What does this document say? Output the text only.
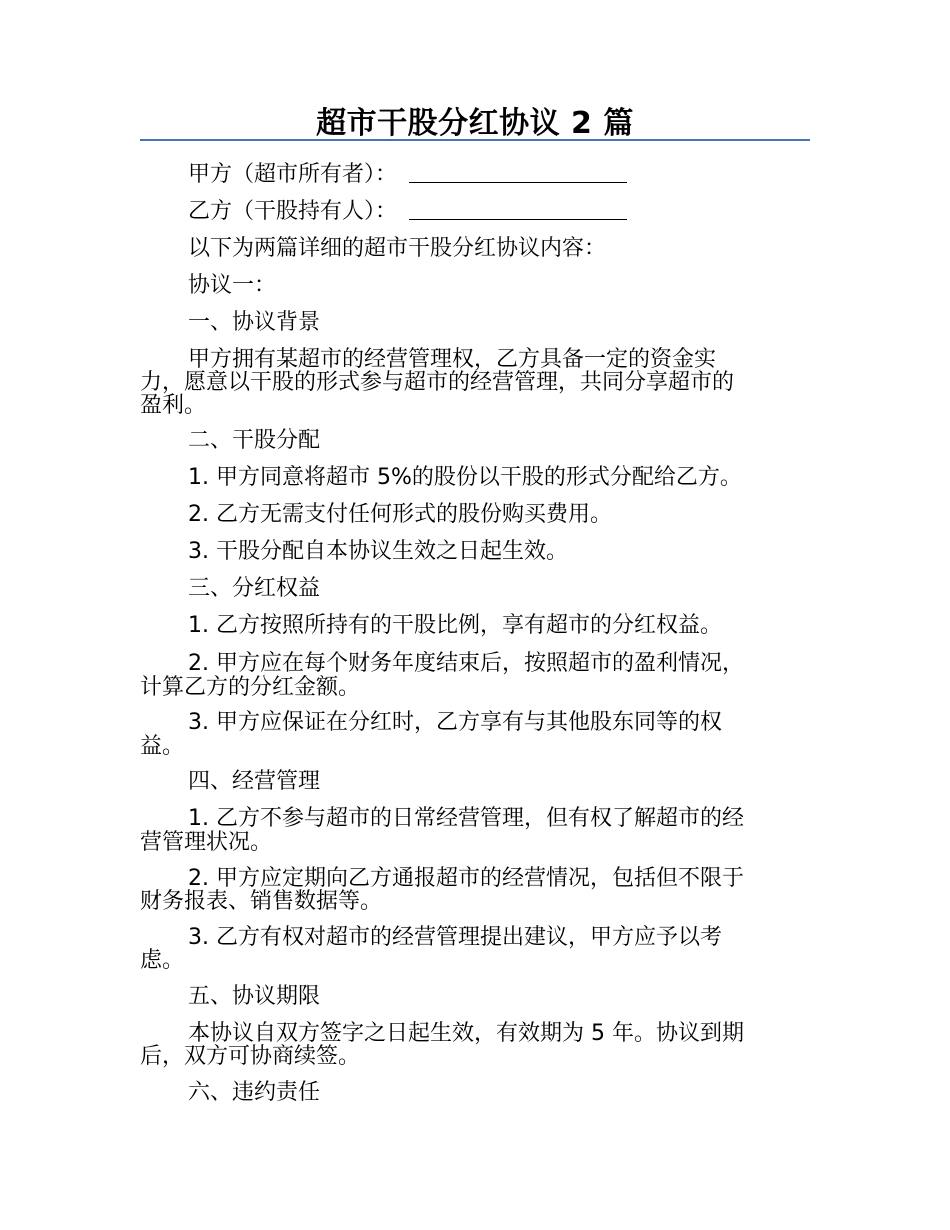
超市干股分红协议 2 篇
甲方（超市所有者）：
乙方（干股持有人）：
以下为两篇详细的超市干股分红协议内容：
协议一：
一、协议背景
甲方拥有某超市的经营管理权，乙方具备一定的资金实
力，愿意以干股的形式参与超市的经营管理，共同分享超市的
盈利。
二、干股分配
1. 甲方同意将超市 5%的股份以干股的形式分配给乙方。
2. 乙方无需支付任何形式的股份购买费用。
3. 干股分配自本协议生效之日起生效。
三、分红权益
1. 乙方按照所持有的干股比例，享有超市的分红权益。
2. 甲方应在每个财务年度结束后，按照超市的盈利情况，
计算乙方的分红金额。
3. 甲方应保证在分红时，乙方享有与其他股东同等的权
益。
四、经营管理
1. 乙方不参与超市的日常经营管理，但有权了解超市的经
营管理状况。
2. 甲方应定期向乙方通报超市的经营情况，包括但不限于
财务报表、销售数据等。
3. 乙方有权对超市的经营管理提出建议，甲方应予以考
虑。
五、协议期限
本协议自双方签字之日起生效，有效期为 5 年。协议到期
后，双方可协商续签。
六、违约责任
